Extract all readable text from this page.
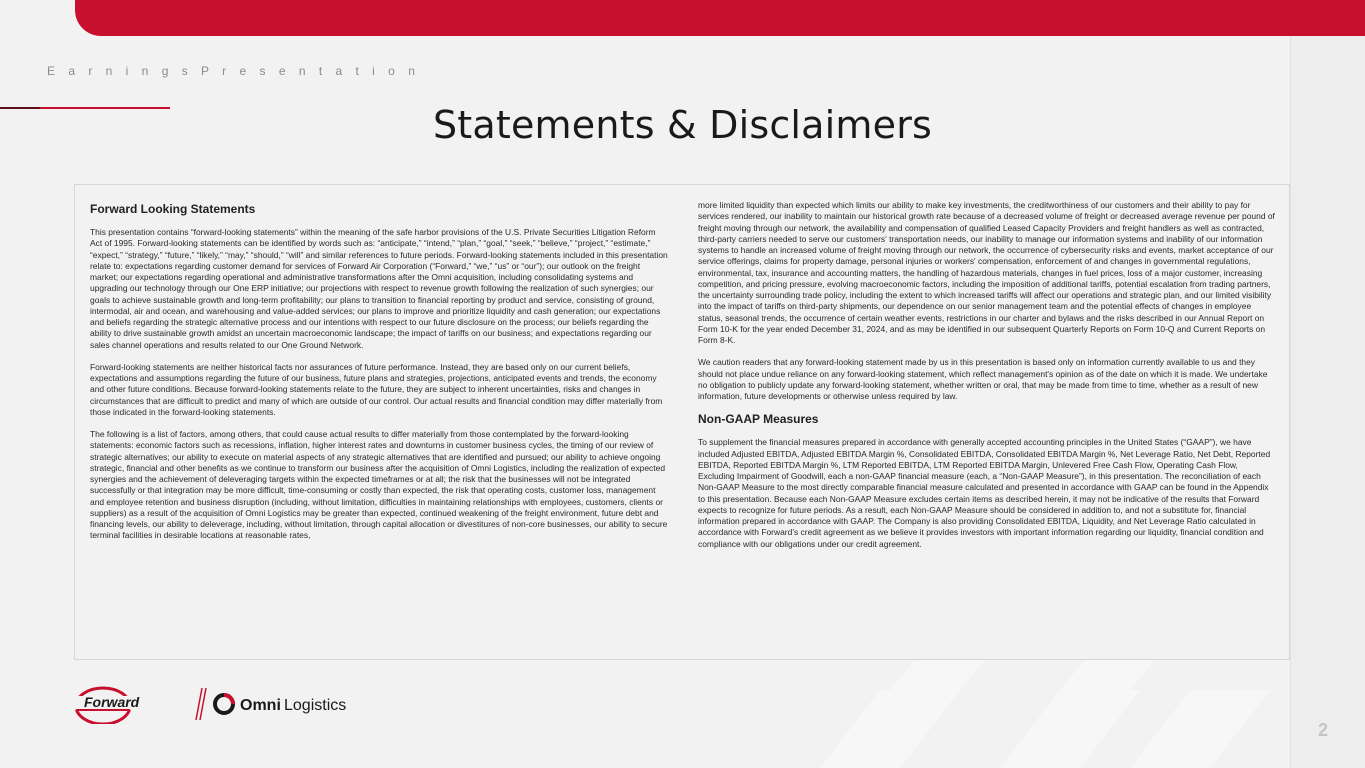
E a r n i n g s P r e s e n t a t i o n
Statements & Disclaimers

Forward Looking Statements

This presentation contains “forward-looking statements” within the meaning of the safe harbor provisions of the U.S. Private Securities Litigation Reform Act of 1995. Forward-looking statements can be identified by words such as: “anticipate,” “intend,” “plan,” “goal,” “seek,” “believe,” “project,” “estimate,” “expect,” “strategy,” “future,” “likely,” “may,” “should,” “will” and similar references to future periods. Forward-looking statements included in this presentation relate to: expectations regarding customer demand for services of Forward Air Corporation (“Forward,” “we,” “us” or “our”); our outlook on the freight market; our expectations regarding operational and administrative transformations after the Omni acquisition, including consolidating systems and upgrading our technology through our One ERP initiative; our projections with respect to revenue growth following the realization of such synergies; our goals to achieve sustainable growth and long-term profitability; our plans to transition to financial reporting by product and service, consisting of ground, intermodal, air and ocean, and warehousing and value-added services; our plans to improve and prioritize liquidity and cash generation; our expectations and beliefs regarding the strategic alternative process and our intentions with respect to our future disclosure on the process; our beliefs regarding the ability to drive sustainable growth amidst an uncertain macroeconomic landscape; the impact of tariffs on our business; and expectations regarding our sales channel operations and results related to our One Ground Network.

Forward-looking statements are neither historical facts nor assurances of future performance. Instead, they are based only on our current beliefs, expectations and assumptions regarding the future of our business, future plans and strategies, projections, anticipated events and trends, the economy and other future conditions. Because forward-looking statements relate to the future, they are subject to inherent uncertainties, risks and changes in circumstances that are difficult to predict and many of which are outside of our control. Our actual results and financial condition may differ materially from those indicated in the forward-looking statements.

The following is a list of factors, among others, that could cause actual results to differ materially from those contemplated by the forward-looking statements: economic factors such as recessions, inflation, higher interest rates and downturns in customer business cycles, the timing of our review of strategic alternatives; our ability to execute on material aspects of any strategic alternatives that are identified and pursued; our ability to achieve ongoing strategic, financial and other benefits as we continue to transform our business after the acquisition of Omni Logistics, including the realization of expected synergies and the achievement of deleveraging targets within the expected timeframes or at all; the risk that the businesses will not be integrated successfully or that integration may be more difficult, time-consuming or costly than expected, the risk that operating costs, customer loss, management and employee retention and business disruption (including, without limitation, difficulties in maintaining relationships with employees, customers, clients or suppliers) as a result of the acquisition of Omni Logistics may be greater than expected, continued weakening of the freight environment, future debt and financing levels, our ability to deleverage, including, without limitation, through capital allocation or divestitures of non-core businesses, our ability to secure terminal facilities in desirable locations at reasonable rates,

more limited liquidity than expected which limits our ability to make key investments, the creditworthiness of our customers and their ability to pay for services rendered, our inability to maintain our historical growth rate because of a decreased volume of freight or decreased average revenue per pound of freight moving through our network, the availability and compensation of qualified Leased Capacity Providers and freight handlers as well as contracted, third-party carriers needed to serve our customers' transportation needs, our inability to manage our information systems and inability of our information systems to handle an increased volume of freight moving through our network, the occurrence of cybersecurity risks and events, market acceptance of our service offerings, claims for property damage, personal injuries or workers' compensation, enforcement of and changes in governmental regulations, environmental, tax, insurance and accounting matters, the handling of hazardous materials, changes in fuel prices, loss of a major customer, increasing competition, and pricing pressure, evolving macroeconomic factors, including the imposition of additional tariffs, potential escalation from trading partners, the uncertainty surrounding trade policy, including the extent to which increased tariffs will affect our operations and strategic plan, and our limited visibility into the impact of tariffs on third-party shipments, our dependence on our senior management team and the potential effects of changes in employee status, seasonal trends, the occurrence of certain weather events, restrictions in our charter and bylaws and the risks described in our Annual Report on Form 10-K for the year ended December 31, 2024, and as may be identified in our subsequent Quarterly Reports on Form 10-Q and Current Reports on Form 8-K.

We caution readers that any forward-looking statement made by us in this presentation is based only on information currently available to us and they should not place undue reliance on any forward-looking statement, which reflect management's opinion as of the date on which it is made. We undertake no obligation to publicly update any forward-looking statement, whether written or oral, that may be made from time to time, whether as a result of new information, future developments or otherwise unless required by law.

Non-GAAP Measures

To supplement the financial measures prepared in accordance with generally accepted accounting principles in the United States (“GAAP”), we have included Adjusted EBITDA, Adjusted EBITDA Margin %, Consolidated EBITDA, Consolidated EBITDA Margin %, Net Leverage Ratio, Net Debt, Reported EBITDA, Reported EBITDA Margin %, LTM Reported EBITDA, LTM Reported EBITDA Margin, Unlevered Free Cash Flow, Operating Cash Flow, Excluding Impairment of Goodwill, each a non-GAAP financial measure (each, a “Non-GAAP Measure”), in this presentation. The reconciliation of each Non-GAAP Measure to the most directly comparable financial measure calculated and presented in accordance with GAAP can be found in the Appendix to this presentation. Because each Non-GAAP Measure excludes certain items as described herein, it may not be indicative of the results that Forward expects to recognize for future periods. As a result, each Non-GAAP Measure should be considered in addition to, and not a substitute for, financial information prepared in accordance with GAAP. The Company is also providing Consolidated EBITDA, Liquidity, and Net Leverage Ratio calculated in accordance with Forward’s credit agreement as we believe it provides investors with important information regarding our liquidity, financial condition and compliance with our obligations under our credit agreement.

Forward	Omni Logistics
2
